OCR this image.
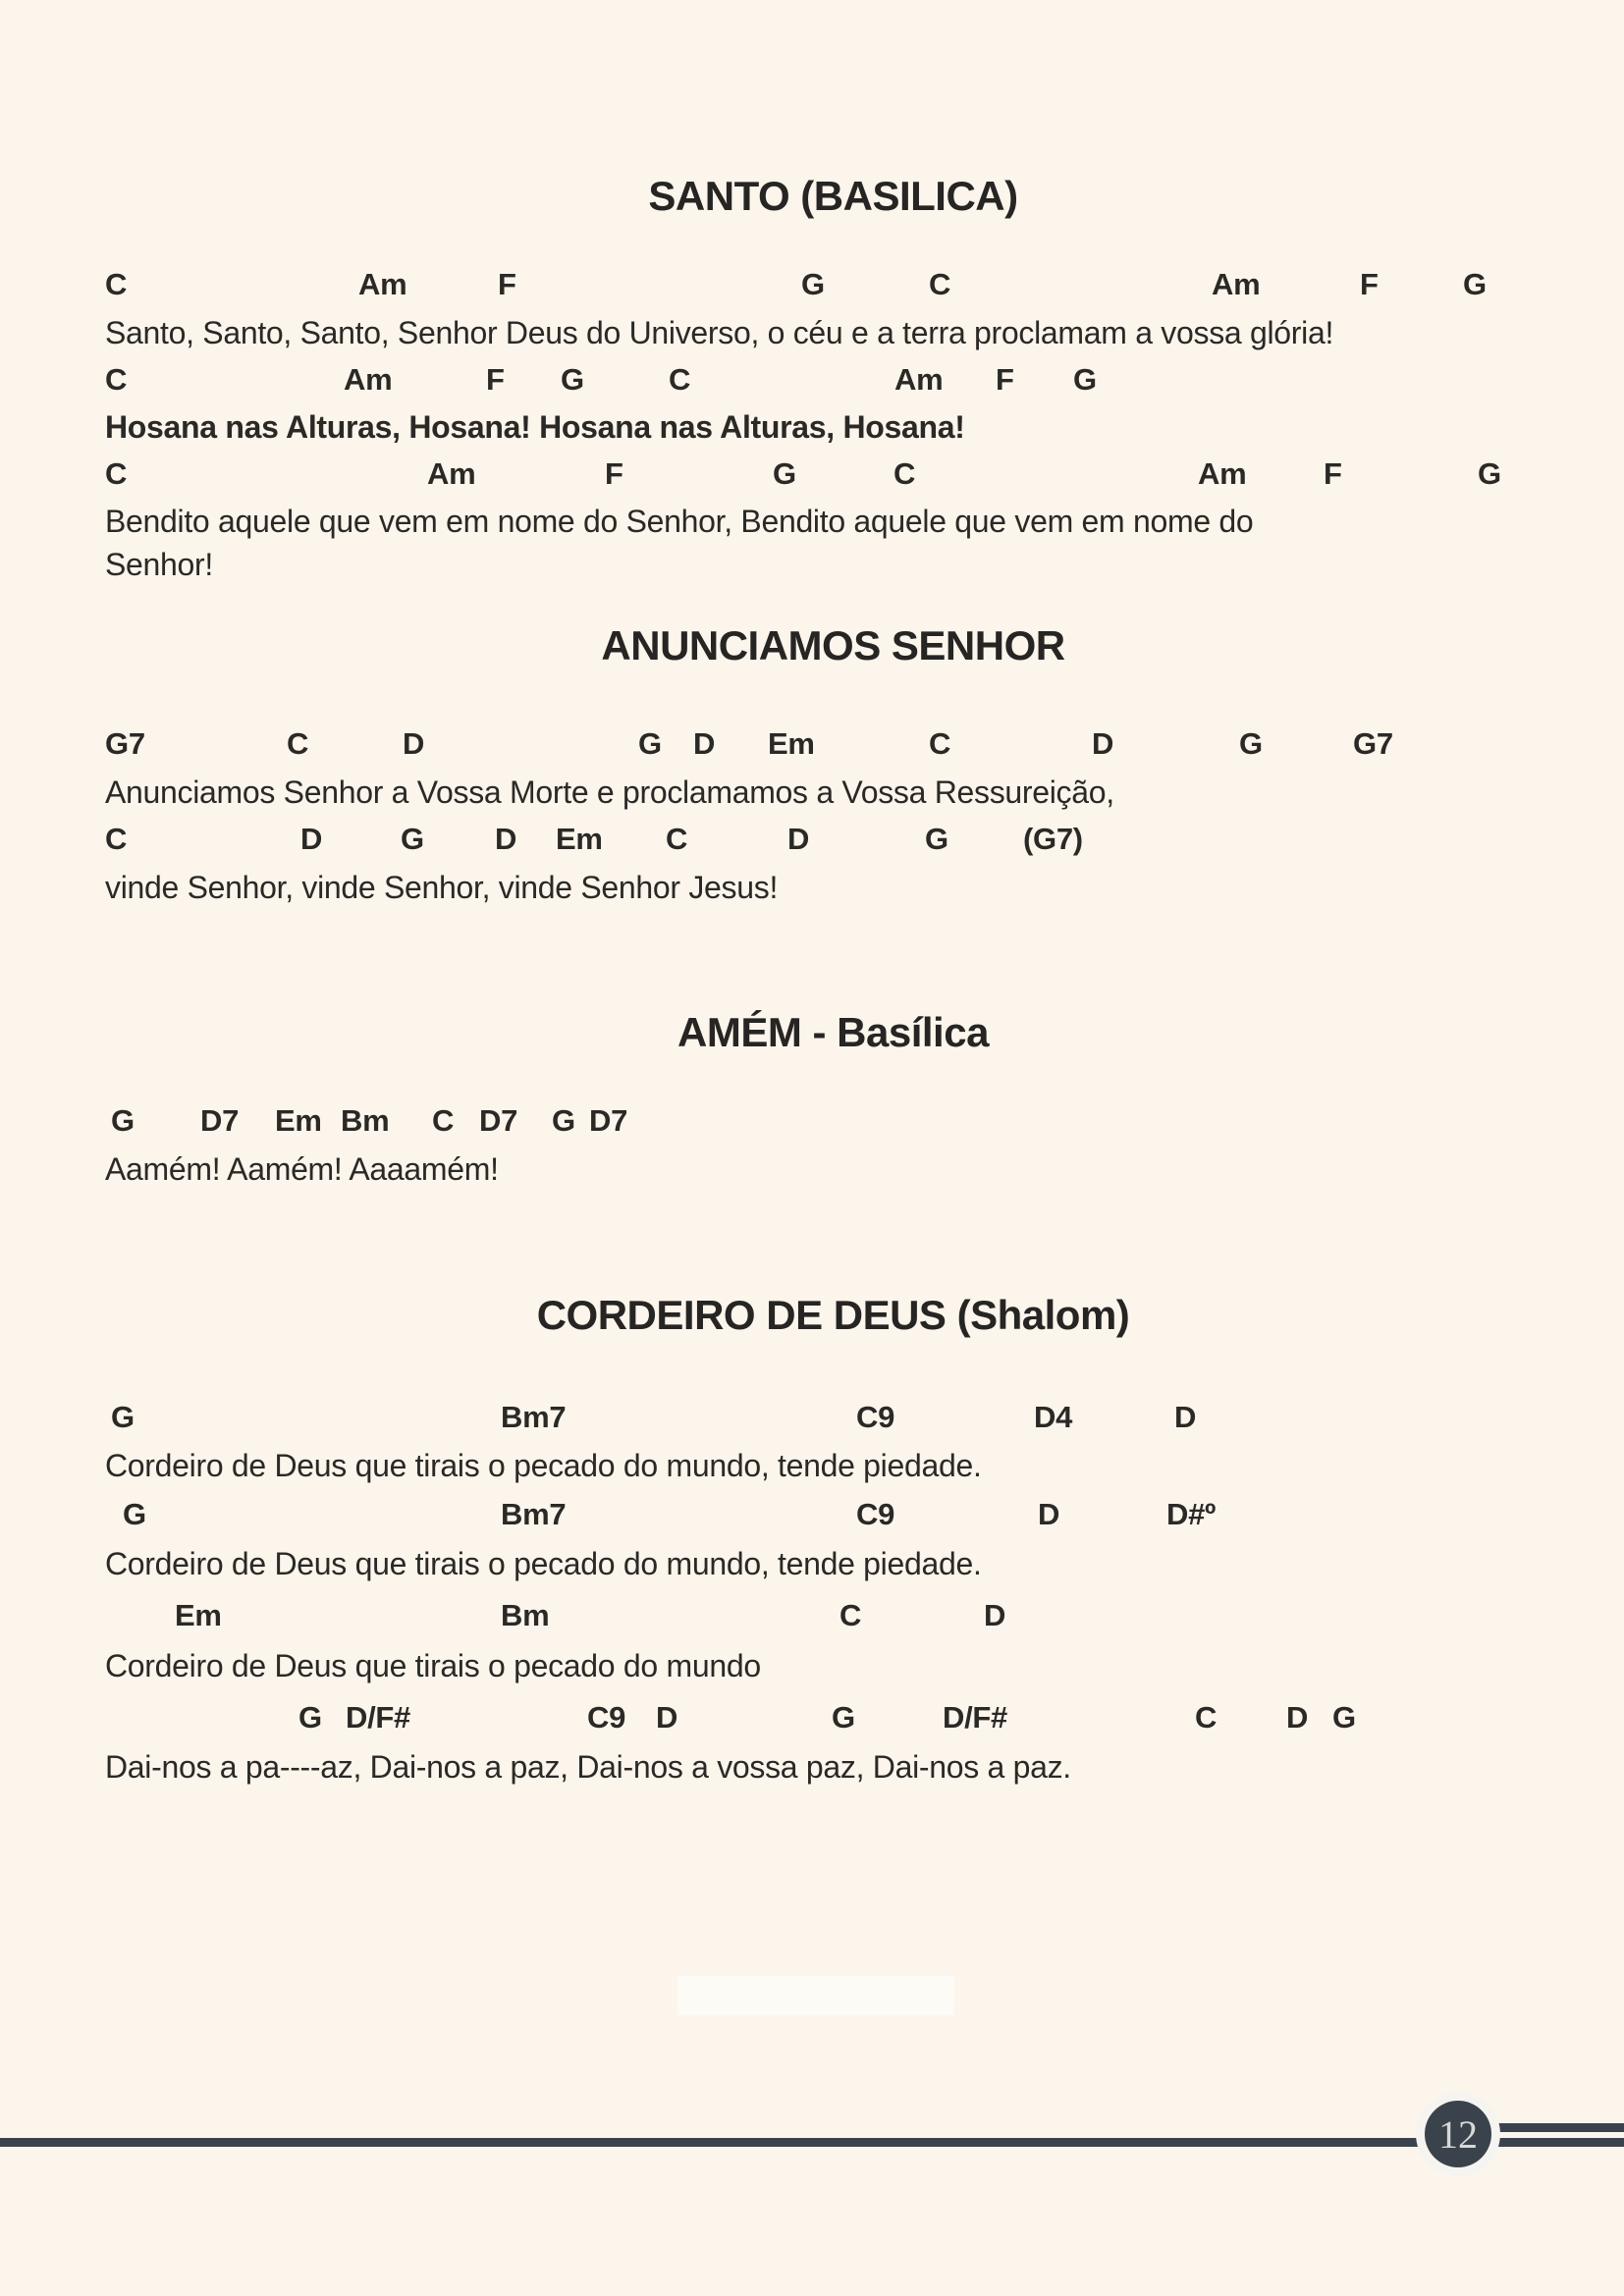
SANTO (BASILICA)
C	Am	F	G	C	Am	F	G
Santo, Santo, Santo, Senhor Deus do Universo, o céu e a terra proclamam a vossa glória!
C	Am	F G	C	Am F G
Hosana nas Alturas, Hosana! Hosana nas Alturas, Hosana!
C	Am	F	G	C	Am	F	G
Bendito aquele que vem em nome do Senhor, Bendito aquele que vem em nome do
Senhor!
ANUNCIAMOS SENHOR
G7	C	D	G D Em	C	D	G	G7
Anunciamos Senhor a Vossa Morte e proclamamos a Vossa Ressureição,
C	D	G D Em C	D	G (G7)
vinde Senhor, vinde Senhor, vinde Senhor Jesus!
AMÉM - Basílica
G D7 Em Bm C D7 G D7
Aamém! Aamém! Aaaamém!
CORDEIRO DE DEUS (Shalom)
G	Bm7	C9	D4	D
Cordeiro de Deus que tirais o pecado do mundo, tende piedade.
G	Bm7	C9	D	D#º
Cordeiro de Deus que tirais o pecado do mundo, tende piedade.
Em	Bm	C	D
Cordeiro de Deus que tirais o pecado do mundo
G D/F#	C9 D	G	D/F#	C D G
Dai-nos a pa----az, Dai-nos a paz, Dai-nos a vossa paz, Dai-nos a paz.
12
